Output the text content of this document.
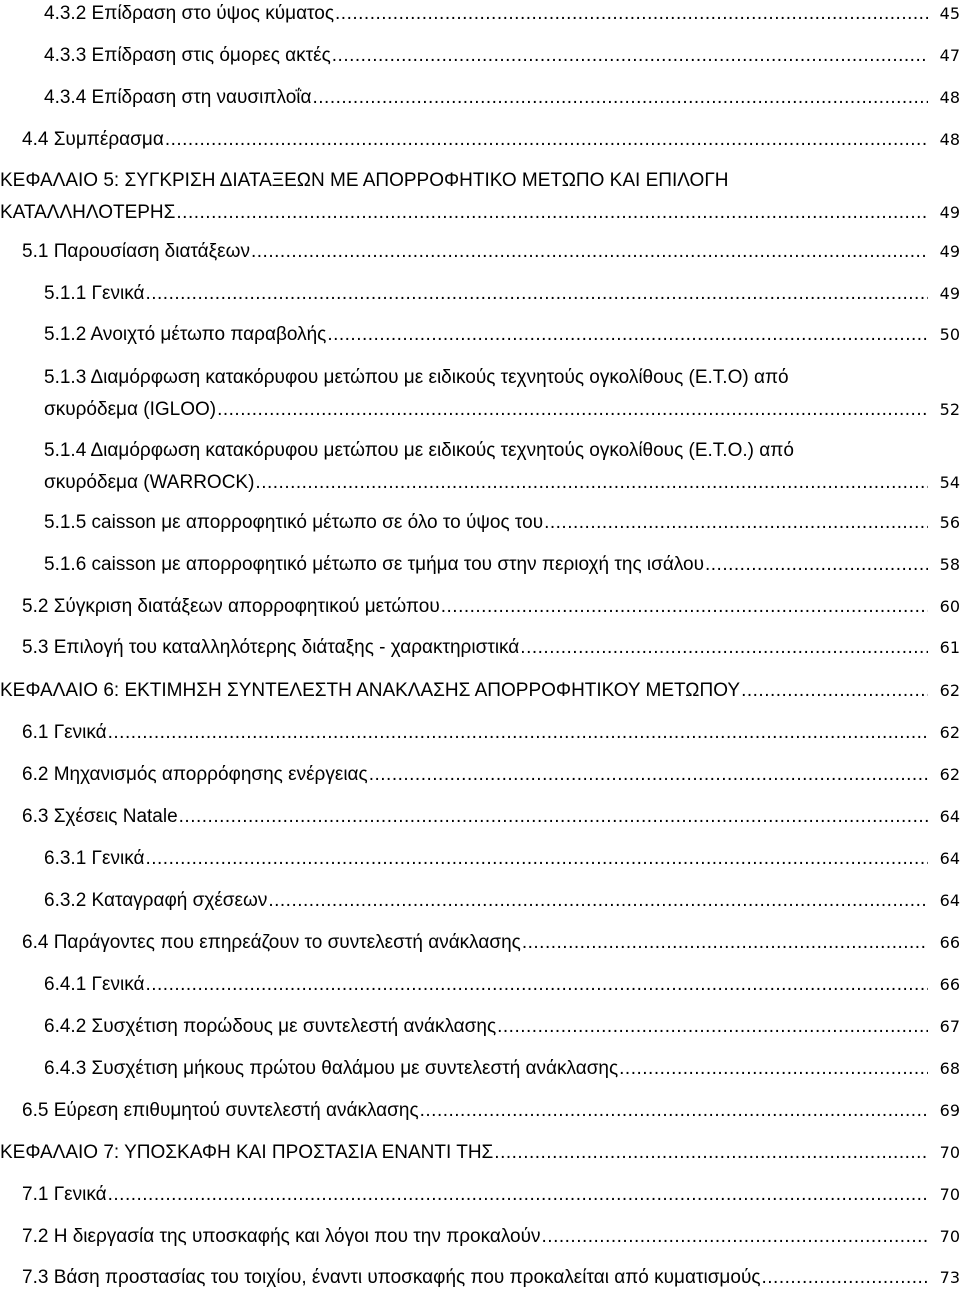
4.3.2 Επίδραση στο ύψος κύματος .....	45
4.3.3 Επίδραση στις όμορες ακτές .....	47
4.3.4 Επίδραση στη ναυσιπλοΐα .....	48
4.4 Συμπέρασμα .....	48
ΚΕΦΑΛΑΙΟ 5: ΣΥΓΚΡΙΣΗ ΔΙΑΤΑΞΕΩΝ ΜΕ ΑΠΟΡΡΟΦΗΤΙΚΟ ΜΕΤΩΠΟ ΚΑΙ ΕΠΙΛΟΓΗ
ΚΑΤΑΛΛΗΛΟΤΕΡΗΣ .....	49
5.1 Παρουσίαση διατάξεων .....	49
5.1.1 Γενικά .....	49
5.1.2 Ανοιχτό μέτωπο παραβολής .....	50
5.1.3 Διαμόρφωση κατακόρυφου μετώπου με ειδικούς τεχνητούς ογκολίθους (Ε.Τ.Ο) από
σκυρόδεμα (IGLOO) .....	52
5.1.4 Διαμόρφωση κατακόρυφου μετώπου με ειδικούς τεχνητούς ογκολίθους (Ε.Τ.Ο.) από
σκυρόδεμα (WARROCK) .....	54
5.1.5 caisson με απορροφητικό μέτωπο σε όλο το ύψος του .....	56
5.1.6 caisson με απορροφητικό μέτωπο σε τμήμα του στην περιοχή της ισάλου .....	58
5.2 Σύγκριση διατάξεων απορροφητικού μετώπου .....	60
5.3 Επιλογή του καταλληλότερης διάταξης - χαρακτηριστικά .....	61
ΚΕΦΑΛΑΙΟ 6: ΕΚΤΙΜΗΣΗ ΣΥΝΤΕΛΕΣΤΗ ΑΝΑΚΛΑΣΗΣ ΑΠΟΡΡΟΦΗΤΙΚΟΥ ΜΕΤΩΠΟΥ .....	62
6.1 Γενικά .....	62
6.2 Μηχανισμός απορρόφησης ενέργειας .....	62
6.3 Σχέσεις Natale .....	64
6.3.1 Γενικά .....	64
6.3.2 Καταγραφή σχέσεων .....	64
6.4 Παράγοντες που επηρεάζουν το συντελεστή ανάκλασης .....	66
6.4.1 Γενικά .....	66
6.4.2 Συσχέτιση πορώδους με συντελεστή ανάκλασης .....	67
6.4.3 Συσχέτιση μήκους πρώτου θαλάμου με συντελεστή ανάκλασης .....	68
6.5 Εύρεση επιθυμητού συντελεστή ανάκλασης .....	69
ΚΕΦΑΛΑΙΟ 7: ΥΠΟΣΚΑΦΗ ΚΑΙ ΠΡΟΣΤΑΣΙΑ ΕΝΑΝΤΙ ΤΗΣ .....	70
7.1 Γενικά .....	70
7.2 Η διεργασία της υποσκαφής και λόγοι που την προκαλούν .....	70
7.3 Βάση προστασίας του τοιχίου, έναντι υποσκαφής που προκαλείται από κυματισμούς .....	73
